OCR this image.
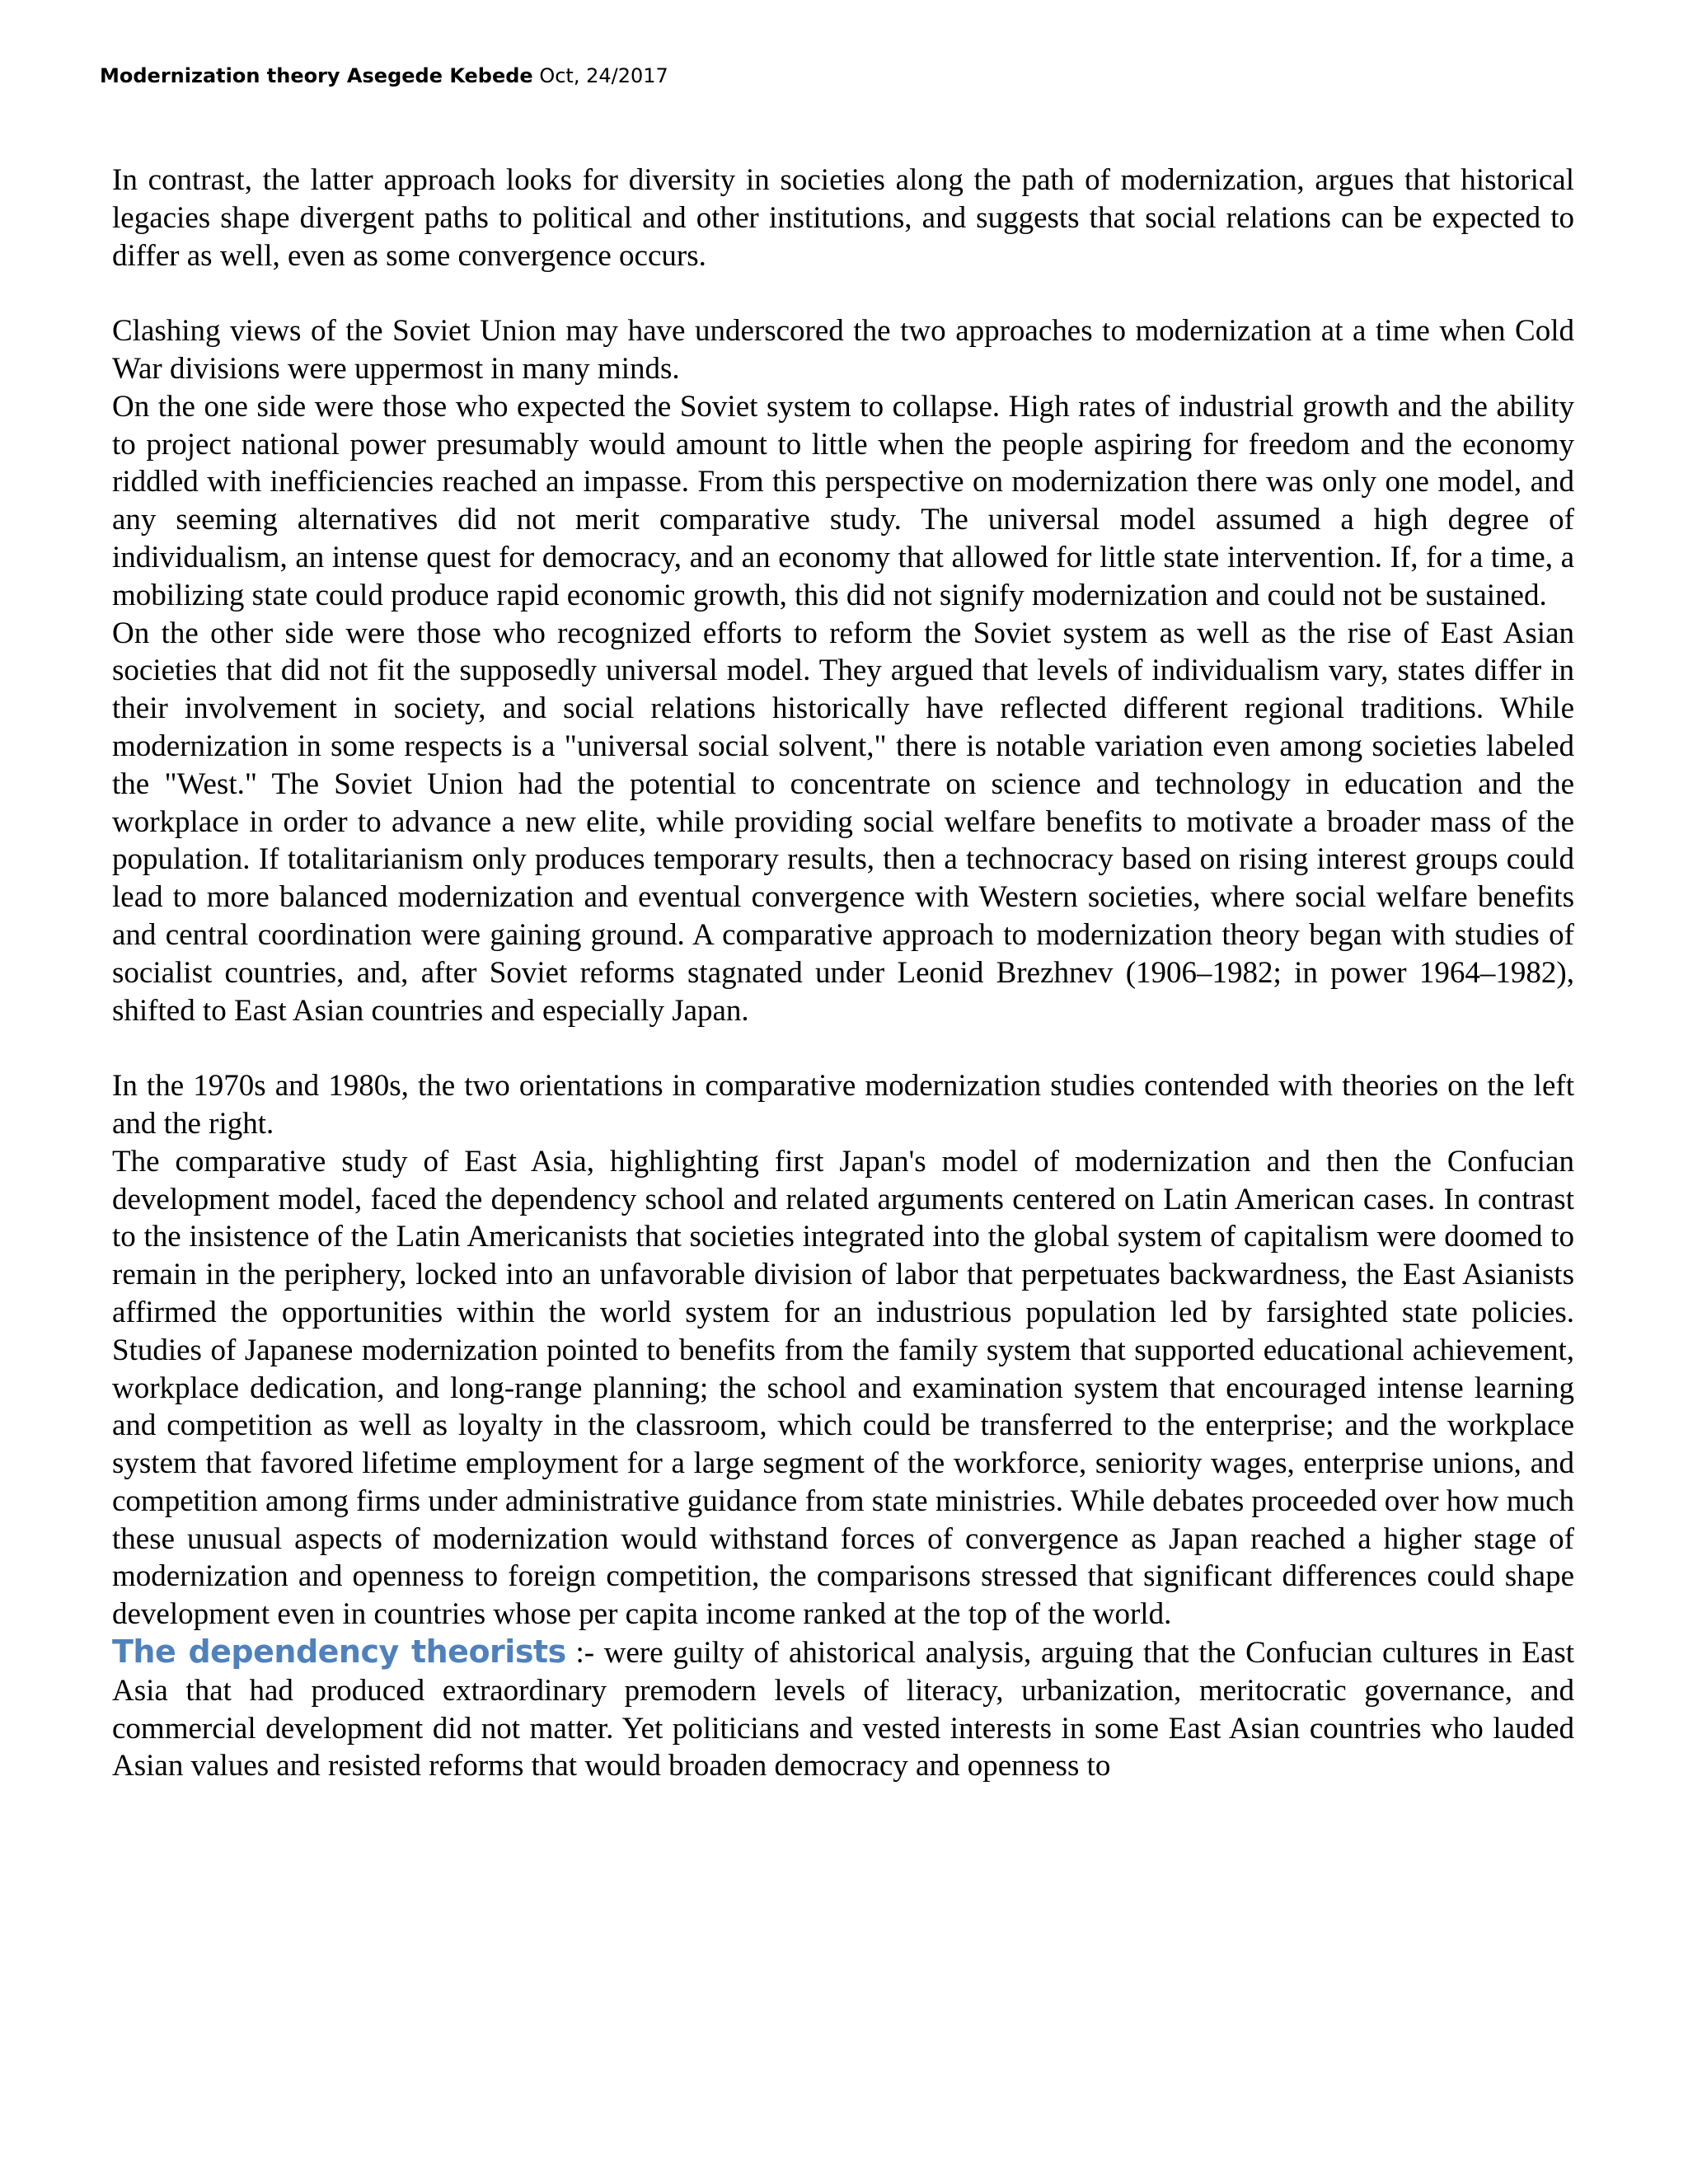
Modernization theory Asegede Kebede Oct, 24/2017

In contrast, the latter approach looks for diversity in societies along the path of modernization, argues that historical legacies shape divergent paths to political and other institutions, and suggests that social relations can be expected to differ as well, even as some convergence occurs.

Clashing views of the Soviet Union may have underscored the two approaches to modernization at a time when Cold War divisions were uppermost in many minds.

On the one side were those who expected the Soviet system to collapse. High rates of industrial growth and the ability to project national power presumably would amount to little when the people aspiring for freedom and the economy riddled with inefficiencies reached an impasse. From this perspective on modernization there was only one model, and any seeming alternatives did not merit comparative study. The universal model assumed a high degree of individualism, an intense quest for democracy, and an economy that allowed for little state intervention. If, for a time, a mobilizing state could produce rapid economic growth, this did not signify modernization and could not be sustained.

On the other side were those who recognized efforts to reform the Soviet system as well as the rise of East Asian societies that did not fit the supposedly universal model. They argued that levels of individualism vary, states differ in their involvement in society, and social relations historically have reflected different regional traditions. While modernization in some respects is a "universal social solvent," there is notable variation even among societies labeled the "West." The Soviet Union had the potential to concentrate on science and technology in education and the workplace in order to advance a new elite, while providing social welfare benefits to motivate a broader mass of the population. If totalitarianism only produces temporary results, then a technocracy based on rising interest groups could lead to more balanced modernization and eventual convergence with Western societies, where social welfare benefits and central coordination were gaining ground. A comparative approach to modernization theory began with studies of socialist countries, and, after Soviet reforms stagnated under Leonid Brezhnev (1906–1982; in power 1964–1982), shifted to East Asian countries and especially Japan.

In the 1970s and 1980s, the two orientations in comparative modernization studies contended with theories on the left and the right.

The comparative study of East Asia, highlighting first Japan's model of modernization and then the Confucian development model, faced the dependency school and related arguments centered on Latin American cases. In contrast to the insistence of the Latin Americanists that societies integrated into the global system of capitalism were doomed to remain in the periphery, locked into an unfavorable division of labor that perpetuates backwardness, the East Asianists affirmed the opportunities within the world system for an industrious population led by farsighted state policies. Studies of Japanese modernization pointed to benefits from the family system that supported educational achievement, workplace dedication, and long-range planning; the school and examination system that encouraged intense learning and competition as well as loyalty in the classroom, which could be transferred to the enterprise; and the workplace system that favored lifetime employment for a large segment of the workforce, seniority wages, enterprise unions, and competition among firms under administrative guidance from state ministries. While debates proceeded over how much these unusual aspects of modernization would withstand forces of convergence as Japan reached a higher stage of modernization and openness to foreign competition, the comparisons stressed that significant differences could shape development even in countries whose per capita income ranked at the top of the world.

The dependency theorists :- were guilty of ahistorical analysis, arguing that the Confucian cultures in East Asia that had produced extraordinary premodern levels of literacy, urbanization, meritocratic governance, and commercial development did not matter. Yet politicians and vested interests in some East Asian countries who lauded Asian values and resisted reforms that would broaden democracy and openness to
